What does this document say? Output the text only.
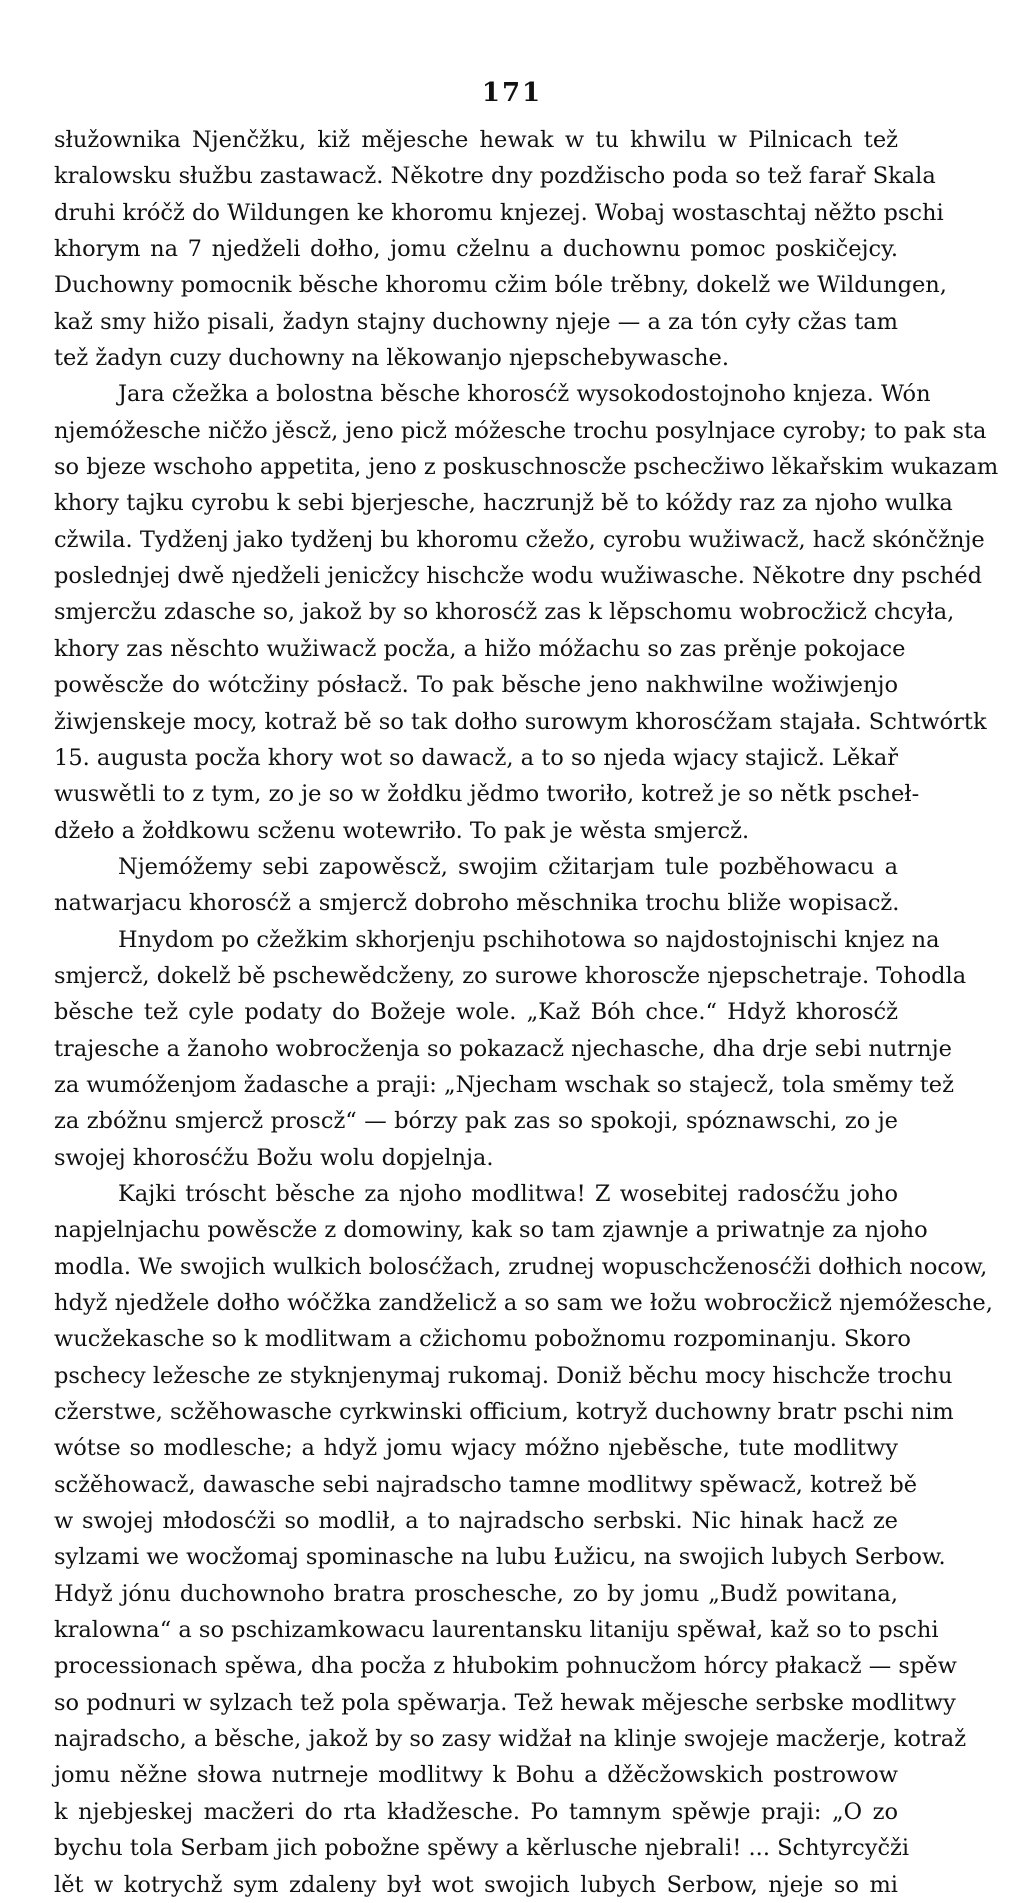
171
słužownika Njenčžku, kiž mějesche hewak w tu khwilu w Pilnicach tež
kralowsku słužbu zastawacž. Někotre dny pozdžischo poda so tež farař Skala
druhi króčž do Wildungen ke khoromu knjezej. Wobaj wostaschtaj něžto pschi
khorym na 7 njedželi dołho, jomu cželnu a duchownu pomoc poskičejcy.
Duchowny pomocnik běsche khoromu cžim bóle trěbny, dokelž we Wildungen,
kaž smy hižo pisali, žadyn stajny duchowny njeje — a za tón cyły cžas tam
tež žadyn cuzy duchowny na lěkowanjo njepschebywasche.
Jara cžežka a bolostna běsche khorosćž wysokodostojnoho knjeza. Wón
njemóžesche ničžo jěscž, jeno picž móžesche trochu posylnjace cyroby; to pak sta
so bjeze wschoho appetita, jeno z poskuschnoscže pschecžiwo lěkařskim wukazam
khory tajku cyrobu k sebi bjerjesche, haczrunjž bě to kóždy raz za njoho wulka
cžwila. Tydženj jako tydženj bu khoromu cžežo, cyrobu wužiwacž, hacž skónčžnje
poslednjej dwě njedželi jenicžcy hischcže wodu wužiwasche. Někotre dny pschéd
smjercžu zdasche so, jakož by so khorosćž zas k lěpschomu wobrocžicž chcyła,
khory zas něschto wužiwacž pocža, a hižo móžachu so zas prěnje pokojace
powěscže do wótcžiny pósłacž. To pak běsche jeno nakhwilne wožiwjenjo
žiwjenskeje mocy, kotraž bě so tak dołho surowym khorosćžam stajała. Schtwórtk
15. augusta pocža khory wot so dawacž, a to so njeda wjacy stajicž. Lěkař
wuswětli to z tym, zo je so w žołdku jědmo tworiło, kotrež je so nětk pscheł-
džeło a žołdkowu scženu wotewriło. To pak je wěsta smjercž.
Njemóžemy sebi zapowěscž, swojim cžitarjam tule pozběhowacu a
natwarjacu khorosćž a smjercž dobroho měschnika trochu bliže wopisacž.
Hnydom po cžežkim skhorjenju pschihotowa so najdostojnischi knjez na
smjercž, dokelž bě pschewědcženy, zo surowe khoroscže njepschetraje. Tohodla
běsche tež cyle podaty do Božeje wole. „Kaž Bóh chce.“ Hdyž khorosćž
trajesche a žanoho wobrocženja so pokazacž njechasche, dha drje sebi nutrnje
za wumóženjom žadasche a praji: „Njecham wschak so stajecž, tola směmy tež
za zbóžnu smjercž proscž“ — bórzy pak zas so spokoji, spóznawschi, zo je
swojej khorosćžu Božu wolu dopjelnja.
Kajki tróscht běsche za njoho modlitwa! Z wosebitej radosćžu joho
napjelnjachu powěscže z domowiny, kak so tam zjawnje a priwatnje za njoho
modla. We swojich wulkich bolosćžach, zrudnej wopuschcženosćži dołhich nocow,
hdyž njedžele dołho wóčžka zandželicž a so sam we łožu wobrocžicž njemóžesche,
wucžekasche so k modlitwam a cžichomu pobožnomu rozpominanju. Skoro
pschecy ležesche ze styknjenymaj rukomaj. Doniž běchu mocy hischcže trochu
cžerstwe, scžěhowasche cyrkwinski officium, kotryž duchowny bratr pschi nim
wótse so modlesche; a hdyž jomu wjacy móžno njeběsche, tute modlitwy
scžěhowacž, dawasche sebi najradscho tamne modlitwy spěwacž, kotrež bě
w swojej młodosćži so modlił, a to najradscho serbski. Nic hinak hacž ze
sylzami we wocžomaj spominasche na lubu Łužicu, na swojich lubych Serbow.
Hdyž jónu duchownoho bratra proschesche, zo by jomu „Budž powitana,
kralowna“ a so pschizamkowacu laurentansku litaniju spěwał, kaž so to pschi
processionach spěwa, dha pocža z hłubokim pohnucžom hórcy płakacž — spěw
so podnuri w sylzach tež pola spěwarja. Tež hewak mějesche serbske modlitwy
najradscho, a běsche, jakož by so zasy widžał na klinje swojeje macžerje, kotraž
jomu něžne słowa nutrneje modlitwy k Bohu a džěcžowskich postrowow
k njebjeskej macžeri do rta kładžesche. Po tamnym spěwje praji: „O zo
bychu tola Serbam jich pobožne spěwy a kěrlusche njebrali! ... Schtyrcyčži
lět w kotrychž sym zdaleny był wot swojich lubych Serbow, njeje so mi
